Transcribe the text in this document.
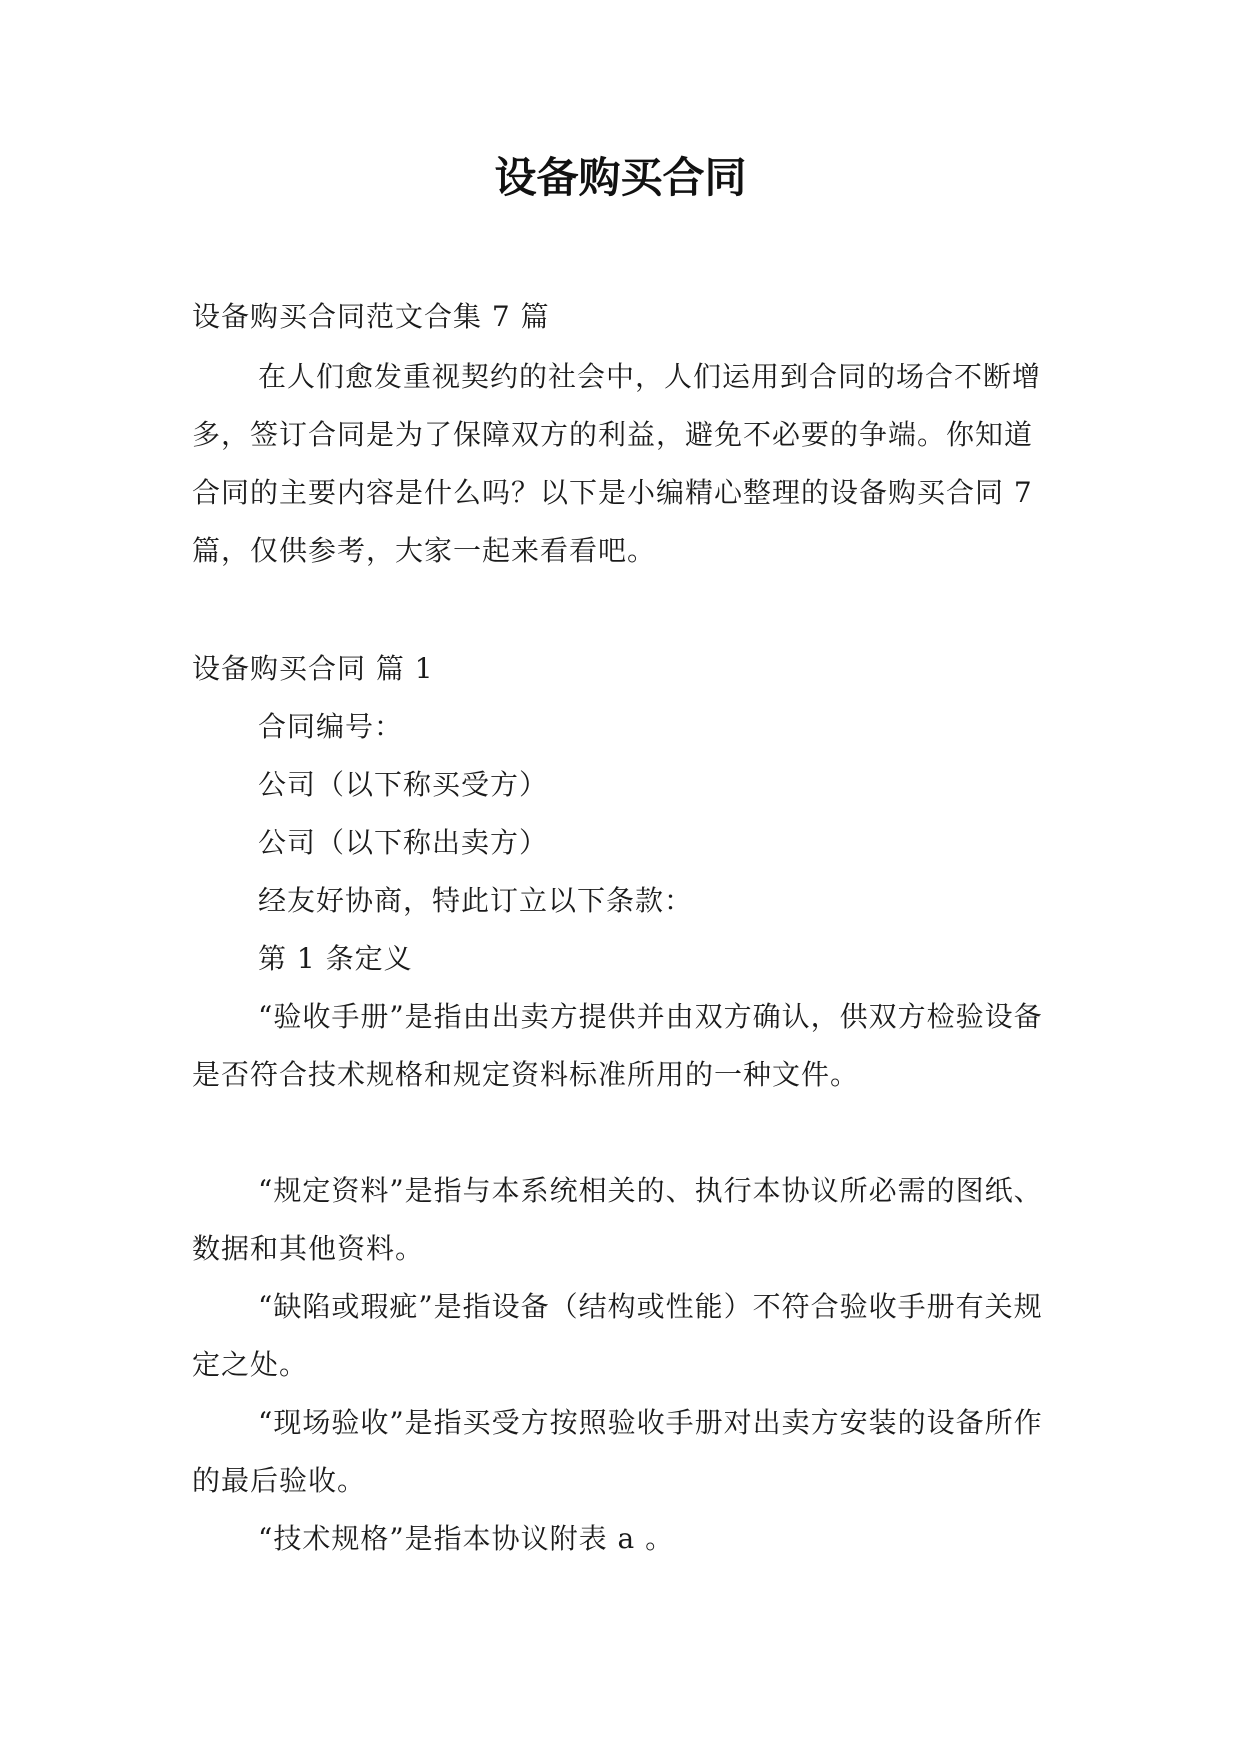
设备购买合同

设备购买合同范文合集 7 篇

在人们愈发重视契约的社会中，人们运用到合同的场合不断增多，签订合同是为了保障双方的利益，避免不必要的争端。你知道合同的主要内容是什么吗？以下是小编精心整理的设备购买合同 7 篇，仅供参考，大家一起来看看吧。

设备购买合同 篇 1

合同编号：

公司（以下称买受方）

公司（以下称出卖方）

经友好协商，特此订立以下条款：

第 1 条定义

“验收手册”是指由出卖方提供并由双方确认，供双方检验设备是否符合技术规格和规定资料标准所用的一种文件。

“规定资料”是指与本系统相关的、执行本协议所必需的图纸、数据和其他资料。

“缺陷或瑕疵”是指设备（结构或性能）不符合验收手册有关规定之处。

“现场验收”是指买受方按照验收手册对出卖方安装的设备所作的最后验收。

“技术规格”是指本协议附表 a 。
